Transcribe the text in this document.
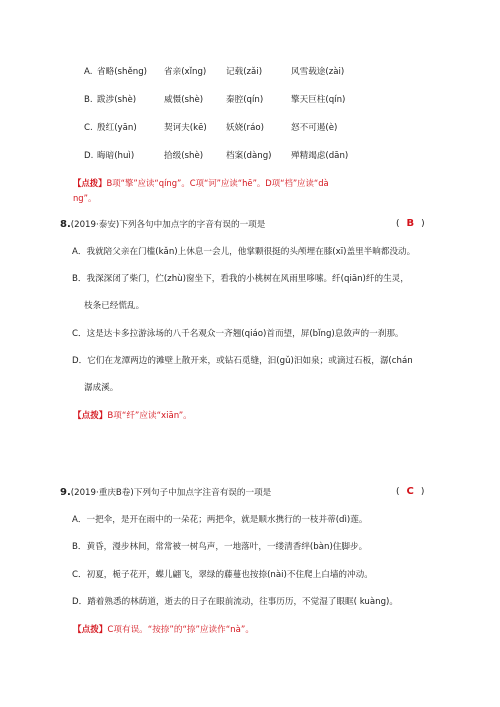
A. 省略(shěng) 省亲(xǐng) 记载(zǎi)	风雪载途(zài)
B. 跋涉(shè)	威慑(shè)	秦腔(qín)	擎天巨柱(qín)
C. 殷红(yān)	契诃夫(kē) 妖娆(ráo)	怒不可遏(è)
D. 晦暗(huì)	拾级(shè)	档案(dàng) 殚精竭虑(dān)
【点拨】B项“擎”应读“qíng”。C项“诃”应读“hē”。D项“档”应读“dà
ng”。
8.(2019·泰安)下列各句中加点字的字音有误的一项是	( B )
A．我就陪父亲在门槛(kǎn)上休息一会儿，他掌颗很挺的头颅埋在膝(xī)盖里半晌都没动。
B．我深深闭了柴门，伫(zhù)窗坐下，看我的小桃树在风雨里哆嗦。纤(qiān)纤的生灵，
枝条已经慌乱。
C．这是达卡多拉游泳场的八千名观众一齐翘(qiáo)首而望，屏(bǐng)息敛声的一刹那。
D．它们在龙潭两边的滩壁上散开来，或钻石觅缝，汩(gǔ)汩如泉；或滴过石板，潺(chán
潺成溪。
【点拨】B项“纤”应读“xiān”。
9.(2019·重庆B卷)下列句子中加点字注音有误的一项是	( C )
A．一把伞，是开在雨中的一朵花；两把伞，就是顺水携行的一枝并蒂(dì)莲。
B．黄昏，漫步林间，常常被一树鸟声，一地落叶，一缕清香绊(bàn)住脚步。
C．初夏，栀子花开，蝶儿翩飞，翠绿的藤蔓也按捺(nài)不住爬上白墙的冲动。
D．踏着熟悉的林荫道，逝去的日子在眼前流动，往事历历，不觉湿了眼眶( kuàng)。
【点拨】C项有误。“按捺”的“捺”应读作“nà”。
